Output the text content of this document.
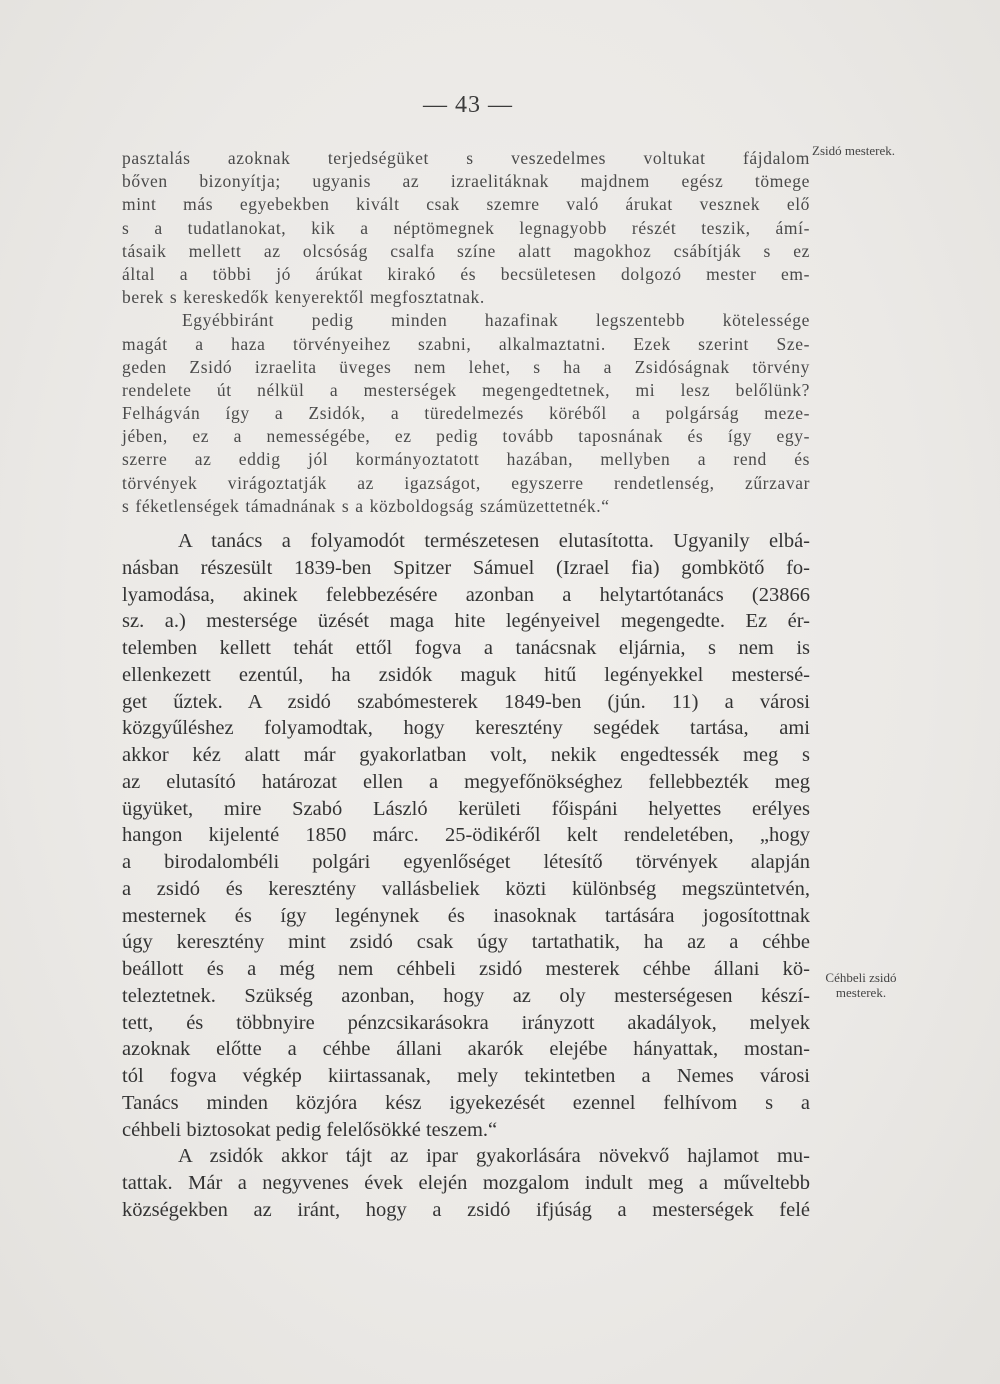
— 43 —
Zsidó mesterek.
Céhbeli zsidó mesterek.
pasztalás azoknak terjedségüket s veszedelmes voltukat fájdalom
bőven bizonyítja; ugyanis az izraelitáknak majdnem egész tömege
mint más egyebekben kivált csak szemre való árukat vesznek elő
s a tudatlanokat, kik a néptömegnek legnagyobb részét teszik, ámí-
tásaik mellett az olcsóság csalfa színe alatt magokhoz csábítják s ez
által a többi jó árúkat kirakó és becsületesen dolgozó mester em-
berek s kereskedők kenyerektől megfosztatnak.
Egyébbiránt pedig minden hazafinak legszentebb kötelessége
magát a haza törvényeihez szabni, alkalmaztatni. Ezek szerint Sze-
geden Zsidó izraelita üveges nem lehet, s ha a Zsidóságnak törvény
rendelete út nélkül a mesterségek megengedtetnek, mi lesz belőlünk?
Felhágván így a Zsidók, a türedelmezés köréből a polgárság meze-
jében, ez a nemességébe, ez pedig tovább taposnának és így egy-
szerre az eddig jól kormányoztatott hazában, mellyben a rend és
törvények virágoztatják az igazságot, egyszerre rendetlenség, zűrzavar
s féketlenségek támadnának s a közboldogság számüzettetnék.“
A tanács a folyamodót természetesen elutasította. Ugyanily elbá-
násban részesült 1839-ben Spitzer Sámuel (Izrael fia) gombkötő fo-
lyamodása, akinek felebbezésére azonban a helytartótanács (23866
sz. a.) mestersége üzését maga hite legényeivel megengedte. Ez ér-
telemben kellett tehát ettől fogva a tanácsnak eljárnia, s nem is
ellenkezett ezentúl, ha zsidók maguk hitű legényekkel mestersé-
get űztek. A zsidó szabómesterek 1849-ben (jún. 11) a városi
közgyűléshez folyamodtak, hogy keresztény segédek tartása, ami
akkor kéz alatt már gyakorlatban volt, nekik engedtessék meg s
az elutasító határozat ellen a megyefőnökséghez fellebbezték meg
ügyüket, mire Szabó László kerületi főispáni helyettes erélyes
hangon kijelenté 1850 márc. 25-ödikéről kelt rendeletében, „hogy
a birodalombéli polgári egyenlőséget létesítő törvények alapján
a zsidó és keresztény vallásbeliek közti különbség megszüntetvén,
mesternek és így legénynek és inasoknak tartására jogosítottnak
úgy keresztény mint zsidó csak úgy tartathatik, ha az a céhbe
beállott és a még nem céhbeli zsidó mesterek céhbe állani kö-
teleztetnek. Szükség azonban, hogy az oly mesterségesen készí-
tett, és többnyire pénzcsikarásokra irányzott akadályok, melyek
azoknak előtte a céhbe állani akarók elejébe hányattak, mostan-
tól fogva végkép kiirtassanak, mely tekintetben a Nemes városi
Tanács minden közjóra kész igyekezését ezennel felhívom s a
céhbeli biztosokat pedig felelősökké teszem.“
A zsidók akkor tájt az ipar gyakorlására növekvő hajlamot mu-
tattak. Már a negyvenes évek elején mozgalom indult meg a műveltebb
községekben az iránt, hogy a zsidó ifjúság a mesterségek felé
